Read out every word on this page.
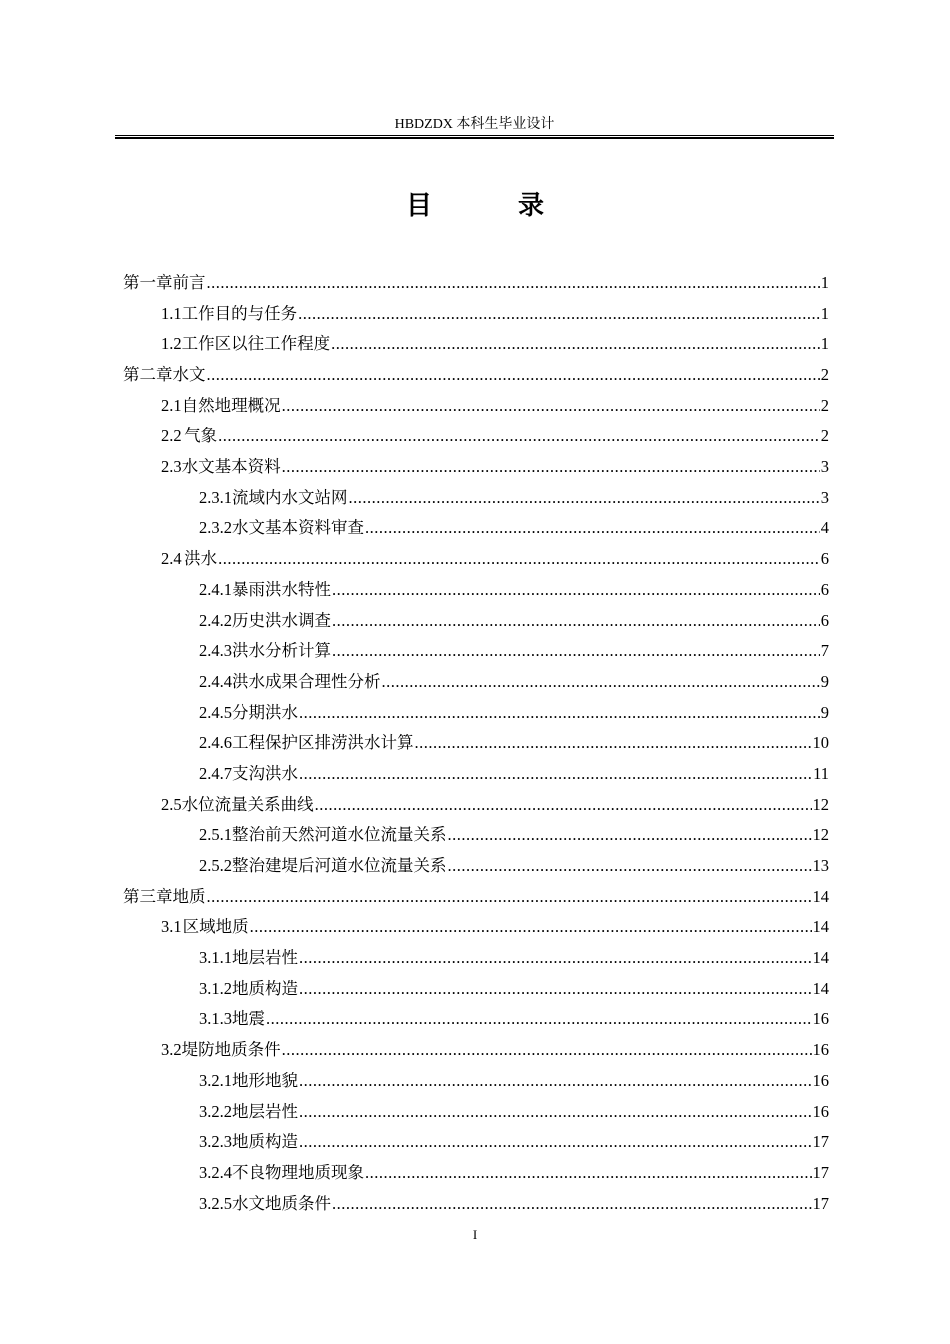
HBDZDX 本科生毕业设计
目　录
第一章 前言 .....	1
1.1 工作目的与任务 .....	1
1.2 工作区以往工作程度 .....	1
第二章 水文 .....	2
2.1 自然地理概况 .....	2
2.2 气象 .....	2
2.3 水文基本资料 .....	3
2.3.1 流域内水文站网 .....	3
2.3.2 水文基本资料审查 .....	4
2.4 洪水 .....	6
2.4.1 暴雨洪水特性 .....	6
2.4.2 历史洪水调查 .....	6
2.4.3 洪水分析计算 .....	7
2.4.4 洪水成果合理性分析 .....	9
2.4.5 分期洪水 .....	9
2.4.6 工程保护区排涝洪水计算 .....	10
2.4.7 支沟洪水 .....	11
2.5 水位流量关系曲线 .....	12
2.5.1 整治前天然河道水位流量关系 .....	12
2.5.2 整治建堤后河道水位流量关系 .....	13
第三章 地质 .....	14
3.1 区域地质 .....	14
3.1.1 地层岩性 .....	14
3.1.2 地质构造 .....	14
3.1.3 地震 .....	16
3.2 堤防地质条件 .....	16
3.2.1 地形地貌 .....	16
3.2.2 地层岩性 .....	16
3.2.3 地质构造 .....	17
3.2.4 不良物理地质现象 .....	17
3.2.5 水文地质条件 .....	17
I
